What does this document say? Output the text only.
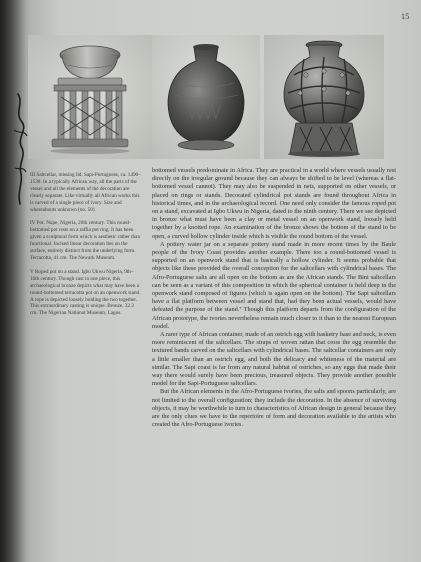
15

III Saltcellar, missing lid. Sapi-Portuguese, ca. 1490–1530. In a typically African way, all the parts of the vessel and all the elements of the decoration are clearly separate. Like virtually all African works this is carved of a single piece of ivory. Size and whereabouts unknown (no. 50)

IV Pot. Nupe, Nigeria, 20th century. This round-bottomed pot rests on a raffia pot ring. It has been given a sculptural form which is aesthetic rather than functional. Incised linear decoration lies on the surface, entirely distinct from the underlying form. Terracotta, 41 cm. The Newark Museum.

V Roped pot on a stand. Igbo Ukwu Nigeria, 9th–10th century. Though cast in one piece, this archaeological bronze depicts what may have been a round-bottomed terracotta pot on an openwork stand. A rope is depicted loosely holding the two together. This extraordinary casting is unique. Bronze, 32.3 cm. The Nigerian National Museum, Lagos.

bottomed vessels predominate in Africa. They are practical in a world where vessels usually rest directly on the irregular ground because they can always be shifted to be level (whereas a flat-bottomed vessel cannot). They may also be suspended in nets, supported on other vessels, or placed on rings or stands. Decorated cylindrical pot stands are found throughout Africa in historical times, and in the archaeological record. One need only consider the famous roped pot on a stand, excavated at Igbo Ukwu in Nigeria, dated to the ninth century. There we see depicted in bronze what must have been a clay or metal vessel on an openwork stand, loosely held together by a knotted rope. An examination of the bronze shows the bottom of the stand to be open, a curved hollow cylinder inside which is visible the round bottom of the vessel.

A pottery water jar on a separate pottery stand made in more recent times by the Baule people of the Ivory Coast provides another example. There too a round-bottomed vessel is supported on an openwork stand that is basically a hollow cylinder. It seems probable that objects like these provided the overall conception for the saltcellars with cylindrical bases. The Afro-Portuguese salts are all open on the bottom as are the African stands. The Bini saltcellars can be seen as a variant of this composition in which the spherical container is held deep in the openwork stand composed of figures (which is again open on the bottom). The Sapi saltcellars have a flat platform between vessel and stand that, had they been actual vessels, would have defeated the purpose of the stand.⁷ Though this platform departs from the configuration of the African prototype, the ivories nevertheless remain much closer to it than to the nearest European model.

A rarer type of African container, made of an ostrich egg with basketry base and neck, is even more reminiscent of the saltcellars. The straps of woven rattan that cross the egg resemble the textured bands carved on the saltcellars with cylindrical bases. The saltcellar containers are only a little smaller than an ostrich egg, and both the delicacy and whiteness of the material are similar. The Sapi coast is far from any natural habitat of ostriches, so any eggs that made their way there would surely have been precious, treasured objects. They provide another possible model for the Sapi-Portuguese saltcellars.

But the African elements in the Afro-Portuguese ivories, the salts and spoons particularly, are not limited to the overall configuration; they include the decoration. In the absence of surviving objects, it may be worthwhile to turn to characteristics of African design in general because they are the only clues we have to the repertoire of form and decoration available to the artists who created the Afro-Portuguese ivories.
